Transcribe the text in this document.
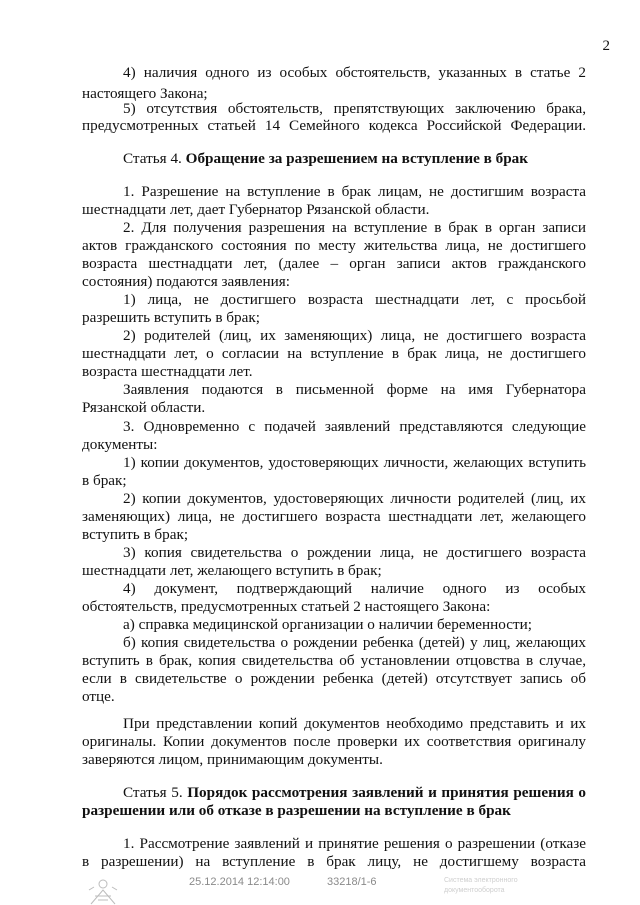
2
4) наличия одного из особых обстоятельств, указанных в статье 2
настоящего Закона;
5) отсутствия обстоятельств, препятствующих заключению брака,
предусмотренных статьей 14 Семейного кодекса Российской Федерации.
Статья 4. Обращение за разрешением на вступление в брак
1. Разрешение на вступление в брак лицам, не достигшим возраста
шестнадцати лет, дает Губернатор Рязанской области.
2. Для получения разрешения на вступление в брак в орган записи
актов гражданского состояния по месту жительства лица, не достигшего
возраста шестнадцати лет, (далее – орган записи актов гражданского
состояния) подаются заявления:
1) лица, не достигшего возраста шестнадцати лет, с просьбой
разрешить вступить в брак;
2) родителей (лиц, их заменяющих) лица, не достигшего возраста
шестнадцати лет, о согласии на вступление в брак лица, не достигшего
возраста шестнадцати лет.
Заявления подаются в письменной форме на имя Губернатора
Рязанской области.
3. Одновременно с подачей заявлений представляются следующие
документы:
1) копии документов, удостоверяющих личности, желающих вступить
в брак;
2) копии документов, удостоверяющих личности родителей (лиц, их
заменяющих) лица, не достигшего возраста шестнадцати лет, желающего
вступить в брак;
3) копия свидетельства о рождении лица, не достигшего возраста
шестнадцати лет, желающего вступить в брак;
4) документ, подтверждающий наличие одного из особых
обстоятельств, предусмотренных статьей 2 настоящего Закона:
а) справка медицинской организации о наличии беременности;
б) копия свидетельства о рождении ребенка (детей) у лиц, желающих
вступить в брак, копия свидетельства об установлении отцовства в случае,
если в свидетельстве о рождении ребенка (детей) отсутствует запись об
отце.
При представлении копий документов необходимо представить и их
оригиналы. Копии документов после проверки их соответствия оригиналу
заверяются лицом, принимающим документы.
Статья 5. Порядок рассмотрения заявлений и принятия решения о
разрешении или об отказе в разрешении на вступление в брак
1. Рассмотрение заявлений и принятие решения о разрешении (отказе
в разрешении) на вступление в брак лицу, не достигшему возраста
25.12.2014 12:14:00	33218/1-6	Система электронного
документооборота
